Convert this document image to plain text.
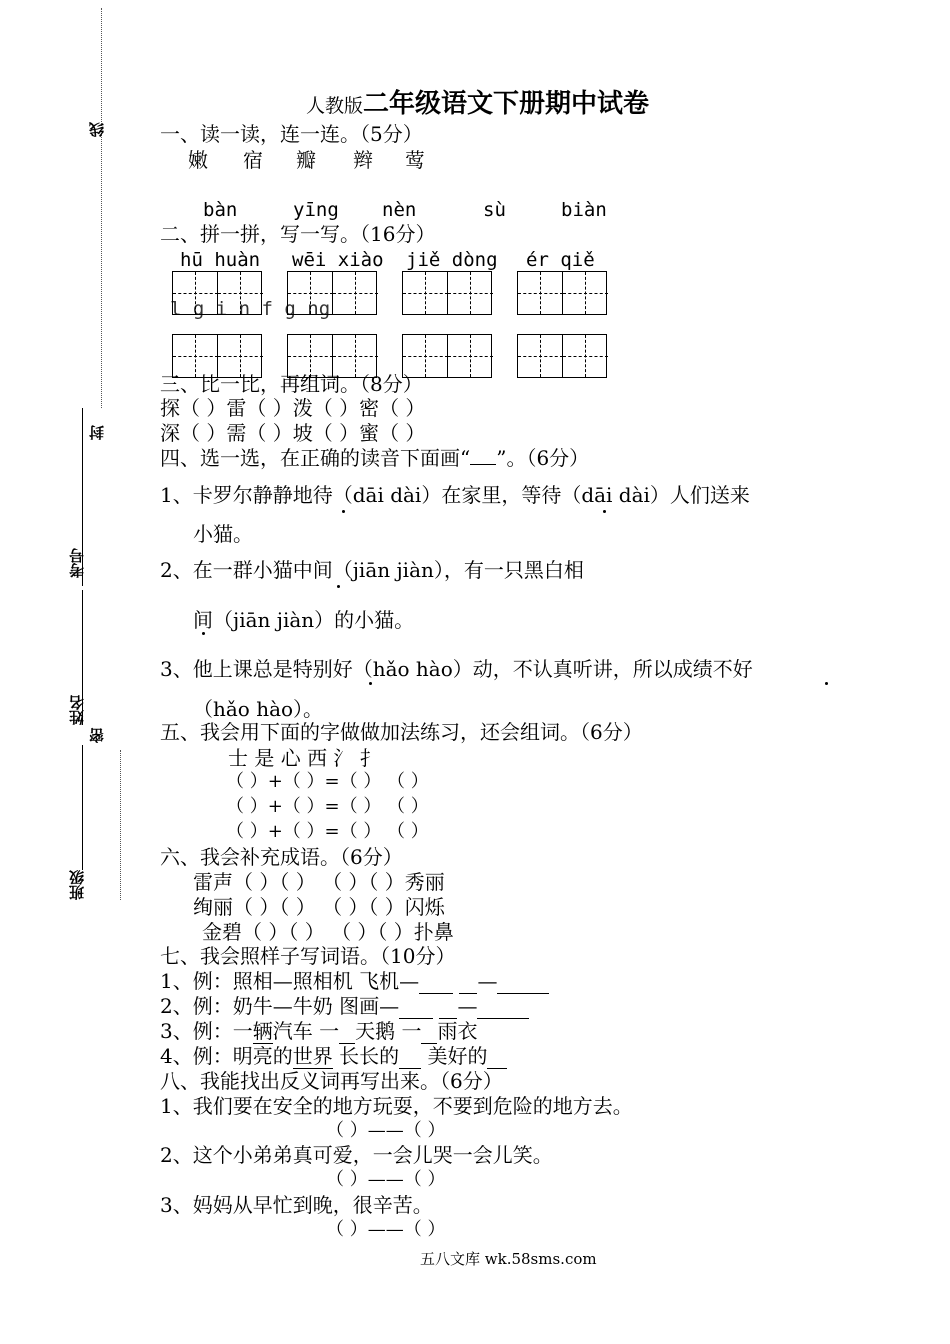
线
封
考号
姓名
密
班级
人教版二年级语文下册期中试卷
一、读一读，连一连。（5分）
嫩 宿 瓣 辫 莺
bàn	yīng nèn	sù	biàn
二、拼一拼，写一写。（16分）
hū huàn wēi xiào jiě dòng ér qiě
l g i n f g ng
三、比一比，再组词。（8分）
探（ ）雷（ ）泼（ ）密（ ）
深（ ）需（ ）坡（ ）蜜（ ）
四、选一选，在正确的读音下面画“ ”。（6分）
1、卡罗尔静静地待（dāi dài）在家里，等待（dāi dài）人们送来
小猫。
2、在一群小猫中间（jiān jiàn），有一只黑白相
间（jiān jiàn）的小猫。
3、他上课总是特别好（hǎo hào）动，不认真听讲，所以成绩不好
（hǎo hào）。
五、我会用下面的字做做加法练习，还会组词。（6分）
士 是 心 西 氵 扌
（ ）+（ ）=（ ） （ ）
（ ）+（ ）=（ ） （ ）
（ ）+（ ）=（ ） （ ）
六、我会补充成语。（6分）
雷声（ ）（ ） （ ）（ ）秀丽
绚丽（ ）（ ） （ ）（ ）闪烁
金碧（ ）（ ） （ ）（ ）扑鼻
七、我会照样子写词语。（10分）
1、例：照相—照相机 飞机—	—
2、例：奶牛—牛奶 图画—	—
3、例：一辆汽车 一 天鹅 一 雨衣
4、例：明亮的世界 长长的  美好的
八、我能找出反义词再写出来。（6分）
1、我们要在安全的地方玩耍，不要到危险的地方去。
（ ）——（ ）
2、这个小弟弟真可爱，一会儿哭一会儿笑。
（ ）——（ ）
3、妈妈从早忙到晚，很辛苦。
（ ）——（ ）
五八文库 wk.58sms.com
